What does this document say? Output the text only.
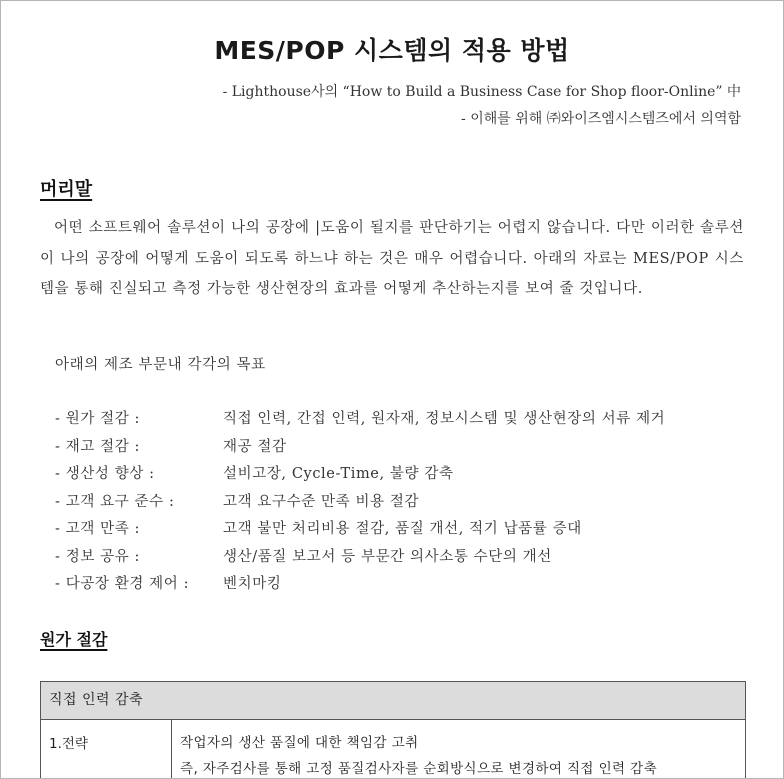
MES/POP 시스템의 적용 방법
- Lighthouse사의 “How to Build a Business Case for Shop floor-Online” 中
- 이해를 위해 ㈜와이즈엠시스템즈에서 의역함
머리말
어떤 소프트웨어 솔루션이 나의 공장에 |도움이 될지를 판단하기는 어렵지 않습니다. 다만 이러한 솔루션이 나의 공장에 어떻게 도움이 되도록 하느냐 하는 것은 매우 어렵습니다. 아래의 자료는 MES/POP 시스템을 통해 진실되고 측정 가능한 생산현장의 효과를 어떻게 추산하는지를 보여 줄 것입니다.
아래의 제조 부문내 각각의 목표
- 원가 절감 :	직접 인력, 간접 인력, 원자재, 정보시스템 및 생산현장의 서류 제거
- 재고 절감 :	재공 절감
- 생산성 향상 :	설비고장, Cycle-Time, 불량 감축
- 고객 요구 준수 :	고객 요구수준 만족 비용 절감
- 고객 만족 :	고객 불만 처리비용 절감, 품질 개선, 적기 납품률 증대
- 정보 공유 :	생산/품질 보고서 등 부문간 의사소통 수단의 개선
- 다공장 환경 제어 : 벤치마킹
원가 절감
직접 인력 감축
1.전략	작업자의 생산 품질에 대한 책임감 고취
즉, 자주검사를 통해 고정 품질검사자를 순회방식으로 변경하여 직접 인력 감축
